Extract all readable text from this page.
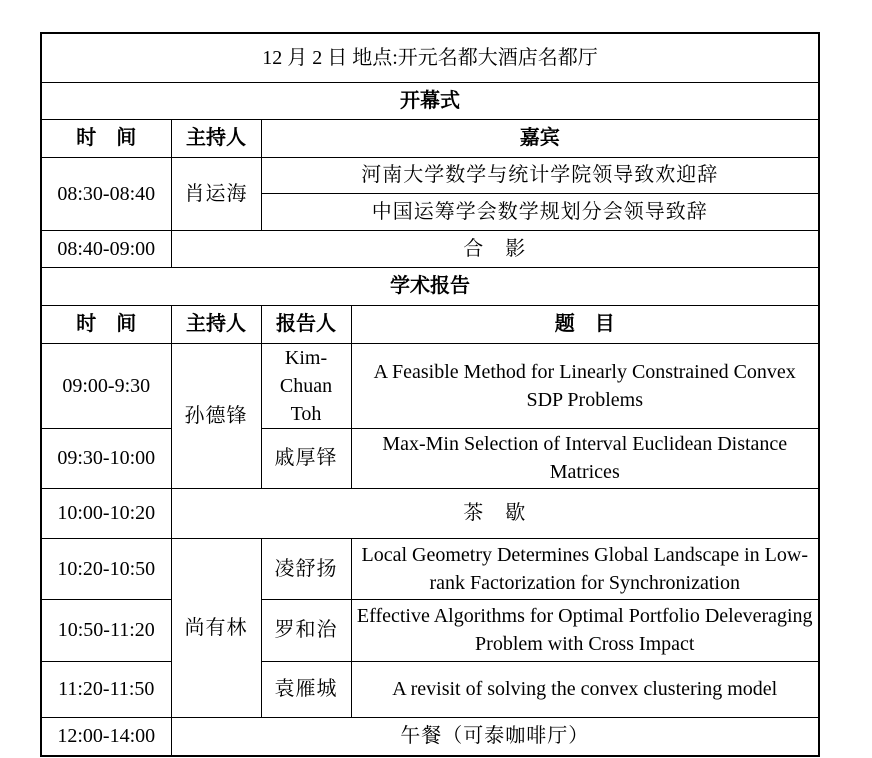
12 月 2 日 地点:开元名都大酒店名都厅			
开幕式			
时　间	主持人	嘉宾	
08:30-08:40	肖运海	河南大学数学与统计学院领导致欢迎辞	
		中国运筹学会数学规划分会领导致辞	
08:40-09:00	合　影		
学术报告			
时　间	主持人	报告人	题　目
09:00-9:30	孙德锋	Kim-Chuan Toh	A Feasible Method for Linearly Constrained Convex SDP Problems
09:30-10:00		戚厚铎	Max-Min Selection of Interval Euclidean Distance Matrices
10:00-10:20	茶　歇		
10:20-10:50	尚有林	凌舒扬	Local Geometry Determines Global Landscape in Low-rank Factorization for Synchronization
10:50-11:20		罗和治	Effective Algorithms for Optimal Portfolio Deleveraging Problem with Cross Impact
11:20-11:50		袁雁城	A revisit of solving the convex clustering model
12:00-14:00	午餐（可泰咖啡厅）		
